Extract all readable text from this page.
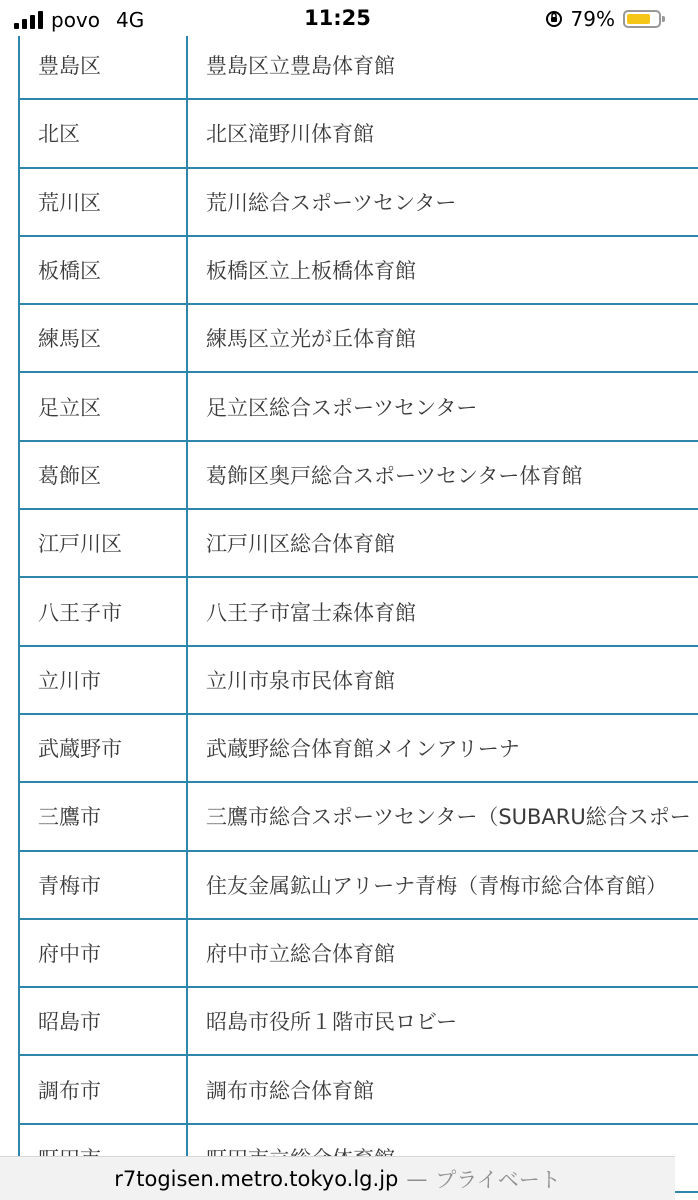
povo 4G	11:25	79%
豊島区	豊島区立豊島体育館
北区	北区滝野川体育館
荒川区	荒川総合スポーツセンター
板橋区	板橋区立上板橋体育館
練馬区	練馬区立光が丘体育館
足立区	足立区総合スポーツセンター
葛飾区	葛飾区奥戸総合スポーツセンター体育館
江戸川区	江戸川区総合体育館
八王子市	八王子市富士森体育館
立川市	立川市泉市民体育館
武蔵野市	武蔵野総合体育館メインアリーナ
三鷹市	三鷹市総合スポーツセンター（SUBARU総合スポー
青梅市	住友金属鉱山アリーナ青梅（青梅市総合体育館）
府中市	府中市立総合体育館
昭島市	昭島市役所１階市民ロビー
調布市	調布市総合体育館

r7togisen.metro.tokyo.lg.jp — プライベート
